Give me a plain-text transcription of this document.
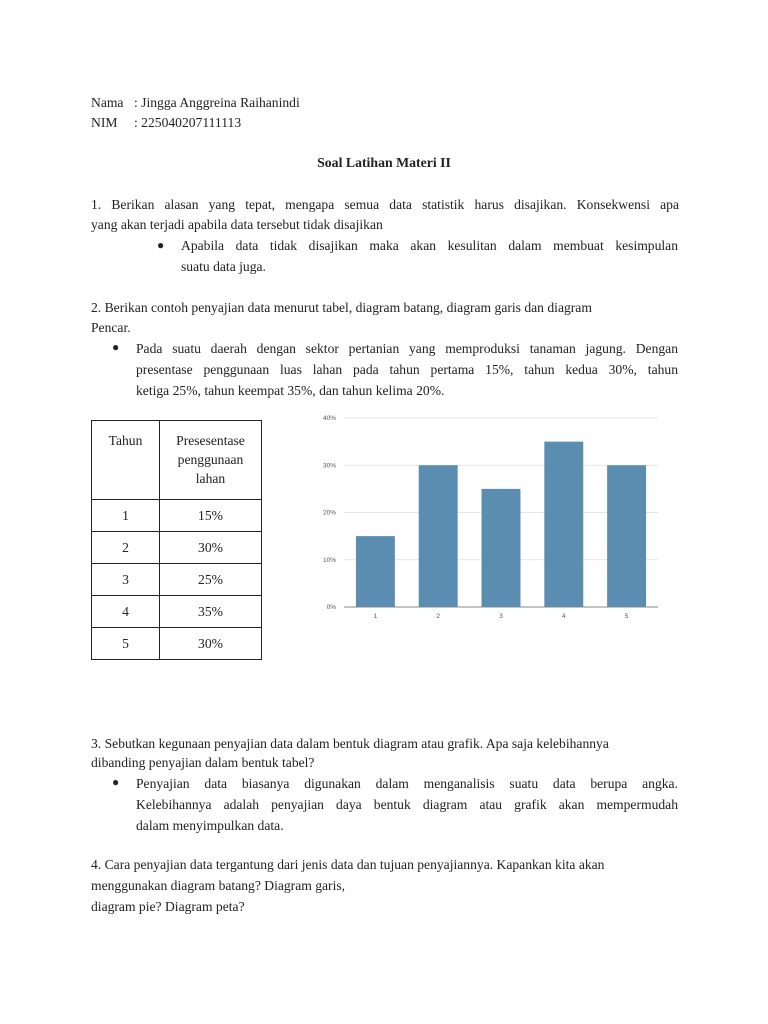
Nama : Jingga Anggreina Raihanindi
NIM : 225040207111113
Soal Latihan Materi II
1. Berikan alasan yang tepat, mengapa semua data statistik harus disajikan. Konsekwensi apa
yang akan terjadi apabila data tersebut tidak disajikan
● Apabila data tidak disajikan maka akan kesulitan dalam membuat kesimpulan
suatu data juga.
2. Berikan contoh penyajian data menurut tabel, diagram batang, diagram garis dan diagram
Pencar.
● Pada suatu daerah dengan sektor pertanian yang memproduksi tanaman jagung. Dengan
presentase penggunaan luas lahan pada tahun pertama 15%, tahun kedua 30%, tahun
ketiga 25%, tahun keempat 35%, dan tahun kelima 20%.
Tahun	Presesentase
penggunaan
lahan

1	15%
2	30%
3	25%
4	35%
5	30%
0%
10%
20%
30%
40%
1	2	3	4	5
3. Sebutkan kegunaan penyajian data dalam bentuk diagram atau grafik. Apa saja kelebihannya
dibanding penyajian dalam bentuk tabel?
● Penyajian data biasanya digunakan dalam menganalisis suatu data berupa angka.
Kelebihannya adalah penyajian daya bentuk diagram atau grafik akan mempermudah
dalam menyimpulkan data.
4. Cara penyajian data tergantung dari jenis data dan tujuan penyajiannya. Kapankan kita akan
menggunakan diagram batang? Diagram garis,
diagram pie? Diagram peta?
